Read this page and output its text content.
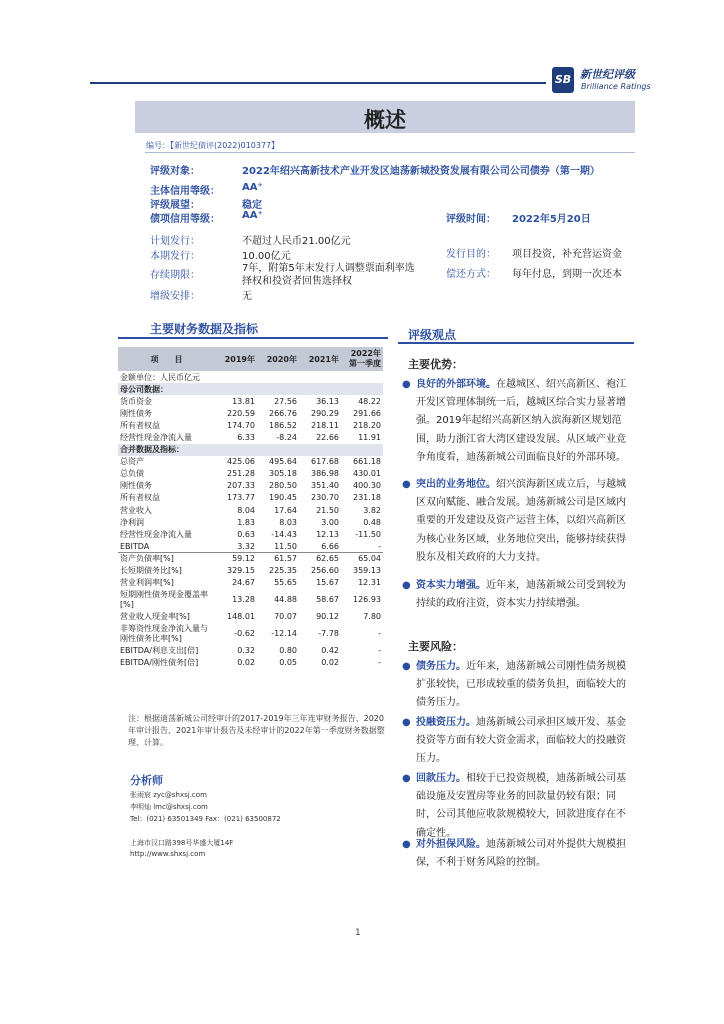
SB 新世纪评级
Brilliance Ratings
概述
编号：【新世纪债评(2022)010377】
评级对象：	2022年绍兴高新技术产业开发区迪荡新城投资发展有限公司公司债券（第一期）
主体信用等级： AA⁺
评级展望：	稳定
债项信用等级： AA⁺	评级时间： 2022年5月20日
计划发行：	不超过人民币21.00亿元
本期发行：	10.00亿元
存续期限：
7年，附第5年末发行人调整票面利率选
择权和投资者回售选择权
增级安排：	无
发行目的： 项目投资，补充营运资金
偿还方式： 每年付息，到期一次还本
主要财务数据及指标	评级观点
项　　目	2019年	2020年	2021年	2022年第一季度
金额单位：人民币亿元				
母公司数据：				
货币资金	13.81	27.56	36.13	48.22
刚性债务	220.59	266.76	290.29	291.66
所有者权益	174.70	186.52	218.11	218.20
经营性现金净流入量	6.33	-8.24	22.66	11.91
合并数据及指标：				
总资产	425.06	495.64	617.68	661.18
总负债	251.28	305.18	386.98	430.01
刚性债务	207.33	280.50	351.40	400.30
所有者权益	173.77	190.45	230.70	231.18
营业收入	8.04	17.64	21.50	3.82
净利润	1.83	8.03	3.00	0.48
经营性现金净流入量	0.63	-14.43	12.13	-11.50
EBITDA	3.32	11.50	6.66	-
资产负债率[%]	59.12	61.57	62.65	65.04
长短期债务比[%]	329.15	225.35	256.60	359.13
营业利润率[%]	24.67	55.65	15.67	12.31
短期刚性债务现金覆盖率[%]	13.28	44.88	58.67	126.93
营业收入现金率[%]	148.01	70.07	90.12	7.80
非筹资性现金净流入量与刚性债务比率[%]	-0.62	-12.14	-7.78	-
EBITDA/利息支出[倍]	0.32	0.80	0.42	-
EBITDA/刚性债务[倍]	0.02	0.05	0.02	-
注：根据迪荡新城公司经审计的2017-2019年三年连审财务报告、2020年审计报告、2021年审计报告及未经审计的2022年第一季度财务数据整理、计算。
分析师
张雨宸 zyc@shxsj.com
李明灿 lmc@shxsj.com
Tel：(021) 63501349 Fax：(021) 63500872
上海市汉口路398号华盛大厦14F
http://www.shxsj.com
主要优势：
● 良好的外部环境。在越城区、绍兴高新区、袍江开发区管理体制统一后，越城区综合实力显著增强。2019年起绍兴高新区纳入滨海新区规划范围，助力浙江省大湾区建设发展。从区域产业竞争角度看，迪荡新城公司面临良好的外部环境。
● 突出的业务地位。绍兴滨海新区成立后，与越城区双向赋能、融合发展。迪荡新城公司是区域内重要的开发建设及资产运营主体，以绍兴高新区为核心业务区域，业务地位突出，能够持续获得股东及相关政府的大力支持。
● 资本实力增强。近年来，迪荡新城公司受到较为持续的政府注资，资本实力持续增强。
主要风险：
● 债务压力。近年来，迪荡新城公司刚性债务规模扩张较快，已形成较重的债务负担，面临较大的债务压力。
● 投融资压力。迪荡新城公司承担区域开发、基金投资等方面有较大资金需求，面临较大的投融资压力。
● 回款压力。相较于已投资规模，迪荡新城公司基础设施及安置房等业务的回款量仍较有限；同时，公司其他应收款规模较大，回款进度存在不确定性。
● 对外担保风险。迪荡新城公司对外提供大规模担保，不利于财务风险的控制。
1
